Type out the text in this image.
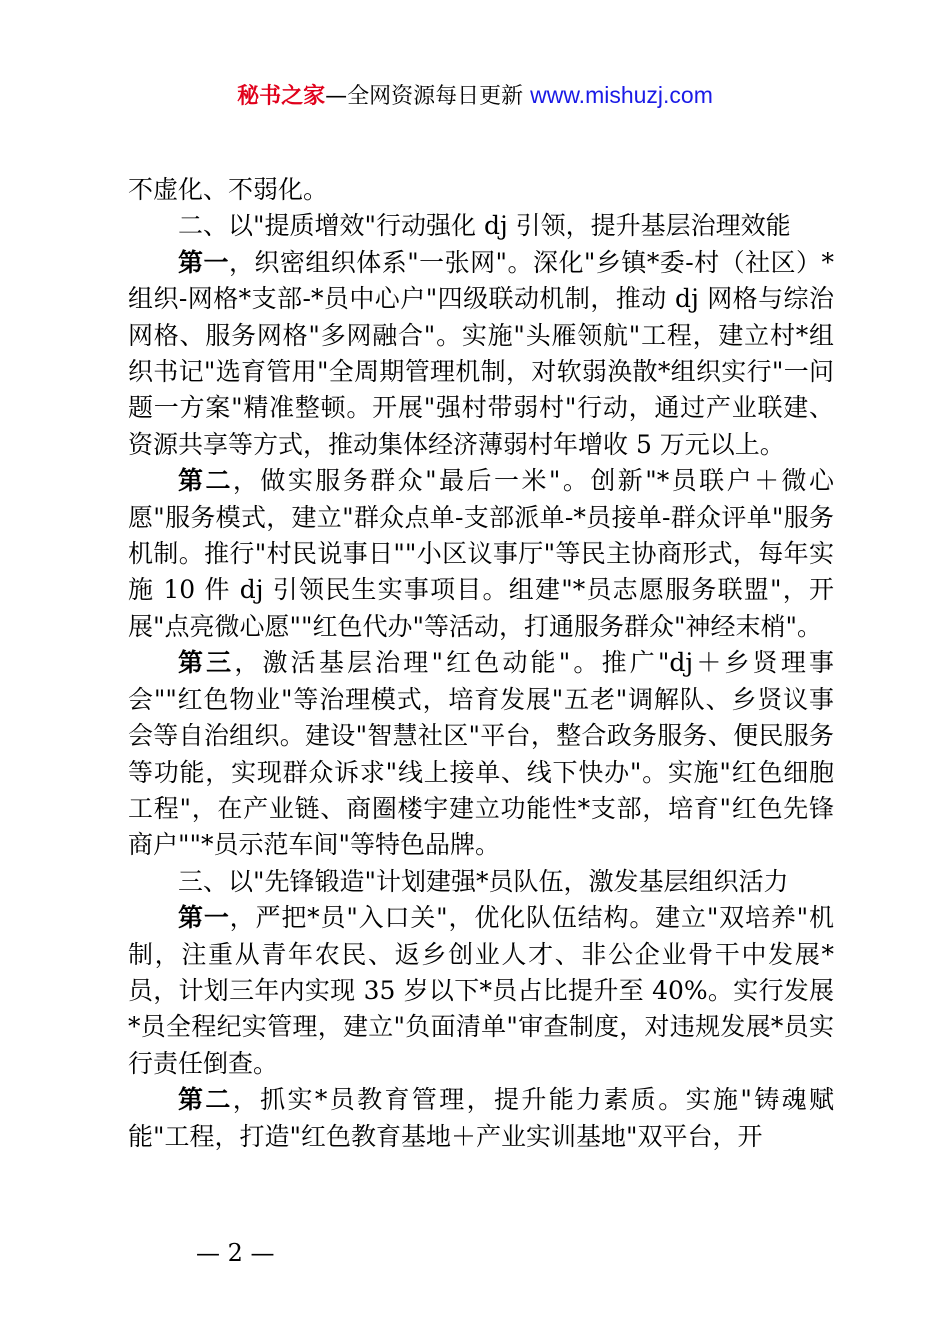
秘书之家—全网资源每日更新 www.mishuzj.com

不虚化、不弱化。

二、以"提质增效"行动强化 dj 引领，提升基层治理效能

第一，织密组织体系"一张网"。深化"乡镇*委-村（社区）*组织-网格*支部-*员中心户"四级联动机制，推动 dj 网格与综治网格、服务网格"多网融合"。实施"头雁领航"工程，建立村*组织书记"选育管用"全周期管理机制，对软弱涣散*组织实行"一问题一方案"精准整顿。开展"强村带弱村"行动，通过产业联建、资源共享等方式，推动集体经济薄弱村年增收 5 万元以上。

第二，做实服务群众"最后一米"。创新"*员联户＋微心愿"服务模式，建立"群众点单-支部派单-*员接单-群众评单"服务机制。推行"村民说事日""小区议事厅"等民主协商形式，每年实施 10 件 dj 引领民生实事项目。组建"*员志愿服务联盟"，开展"点亮微心愿""红色代办"等活动，打通服务群众"神经末梢"。

第三，激活基层治理"红色动能"。推广"dj＋乡贤理事会""红色物业"等治理模式，培育发展"五老"调解队、乡贤议事会等自治组织。建设"智慧社区"平台，整合政务服务、便民服务等功能，实现群众诉求"线上接单、线下快办"。实施"红色细胞工程"，在产业链、商圈楼宇建立功能性*支部，培育"红色先锋商户""*员示范车间"等特色品牌。

三、以"先锋锻造"计划建强*员队伍，激发基层组织活力

第一，严把*员"入口关"，优化队伍结构。建立"双培养"机制，注重从青年农民、返乡创业人才、非公企业骨干中发展*员，计划三年内实现 35 岁以下*员占比提升至 40%。实行发展*员全程纪实管理，建立"负面清单"审查制度，对违规发展*员实行责任倒查。

第二，抓实*员教育管理，提升能力素质。实施"铸魂赋能"工程，打造"红色教育基地＋产业实训基地"双平台，开

— 2 —
